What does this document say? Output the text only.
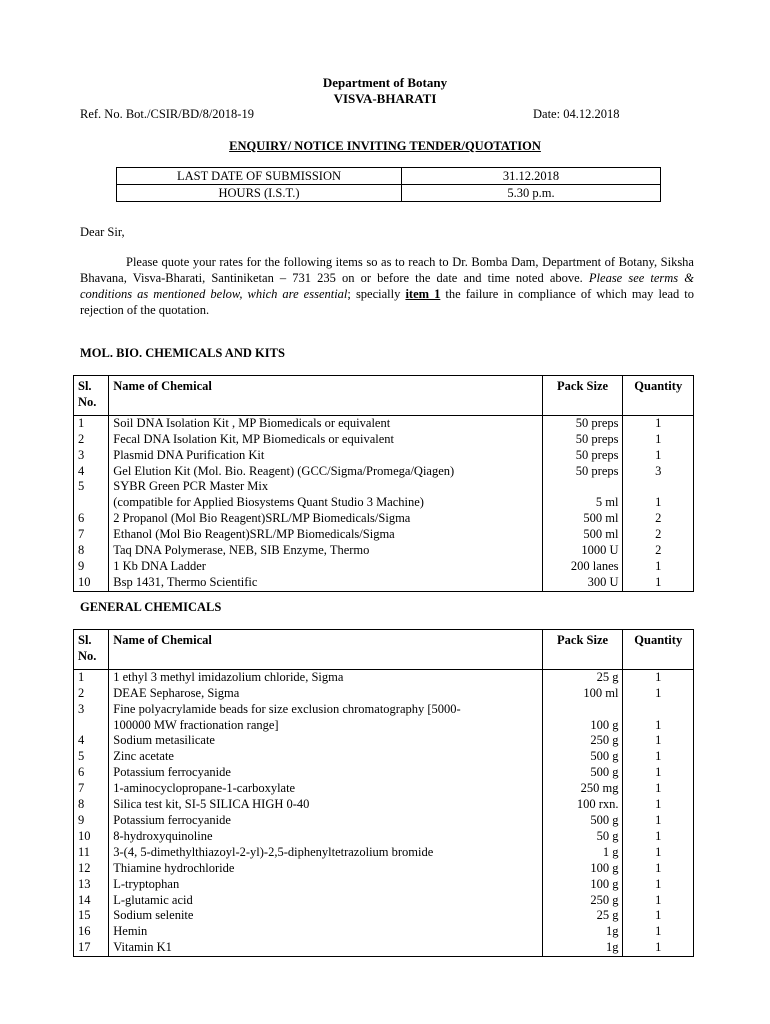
Department of Botany
VISVA-BHARATI
Ref. No. Bot./CSIR/BD/8/2018-19	Date: 04.12.2018
ENQUIRY/ NOTICE INVITING TENDER/QUOTATION
LAST DATE OF SUBMISSION	31.12.2018
HOURS (I.S.T.)	5.30 p.m.
Dear Sir,
Please quote your rates for the following items so as to reach to Dr. Bomba Dam, Department of Botany, Siksha Bhavana, Visva-Bharati, Santiniketan – 731 235 on or before the date and time noted above. Please see terms & conditions as mentioned below, which are essential; specially item 1 the failure in compliance of which may lead to rejection of the quotation.
MOL. BIO. CHEMICALS AND KITS
Sl.
No.	Name of Chemical	Pack Size	Quantity
1	Soil DNA Isolation Kit , MP Biomedicals or equivalent	50 preps	1
2	Fecal DNA Isolation Kit, MP Biomedicals or equivalent	50 preps	1
3	Plasmid DNA Purification Kit	50 preps	1
4	Gel Elution Kit (Mol. Bio. Reagent) (GCC/Sigma/Promega/Qiagen)	50 preps	3
5	SYBR Green PCR Master Mix
(compatible for Applied Biosystems Quant Studio 3 Machine)	5 ml	1
6	2 Propanol (Mol Bio Reagent)SRL/MP Biomedicals/Sigma	500 ml	2
7	Ethanol (Mol Bio Reagent)SRL/MP Biomedicals/Sigma	500 ml	2
8	Taq DNA Polymerase, NEB, SIB Enzyme, Thermo	1000 U	2
9	1 Kb DNA Ladder	200 lanes	1
10	Bsp 1431, Thermo Scientific	300 U	1
GENERAL CHEMICALS
Sl.
No.	Name of Chemical	Pack Size	Quantity
1	1 ethyl 3 methyl imidazolium chloride, Sigma	25 g	1
2	DEAE Sepharose, Sigma	100 ml	1
3	Fine polyacrylamide beads for size exclusion chromatography [5000-
100000 MW fractionation range]	100 g	1
4	Sodium metasilicate	250 g	1
5	Zinc acetate	500 g	1
6	Potassium ferrocyanide	500 g	1
7	1-aminocyclopropane-1-carboxylate	250 mg	1
8	Silica test kit, SI-5 SILICA HIGH 0-40	100 rxn.	1
9	Potassium ferrocyanide	500 g	1
10	8-hydroxyquinoline	50 g	1
11	3-(4, 5-dimethylthiazoyl-2-yl)-2,5-diphenyltetrazolium bromide	1 g	1
12	Thiamine hydrochloride	100 g	1
13	L-tryptophan	100 g	1
14	L-glutamic acid	250 g	1
15	Sodium selenite	25 g	1
16	Hemin	1g	1
17	Vitamin K1	1g	1
